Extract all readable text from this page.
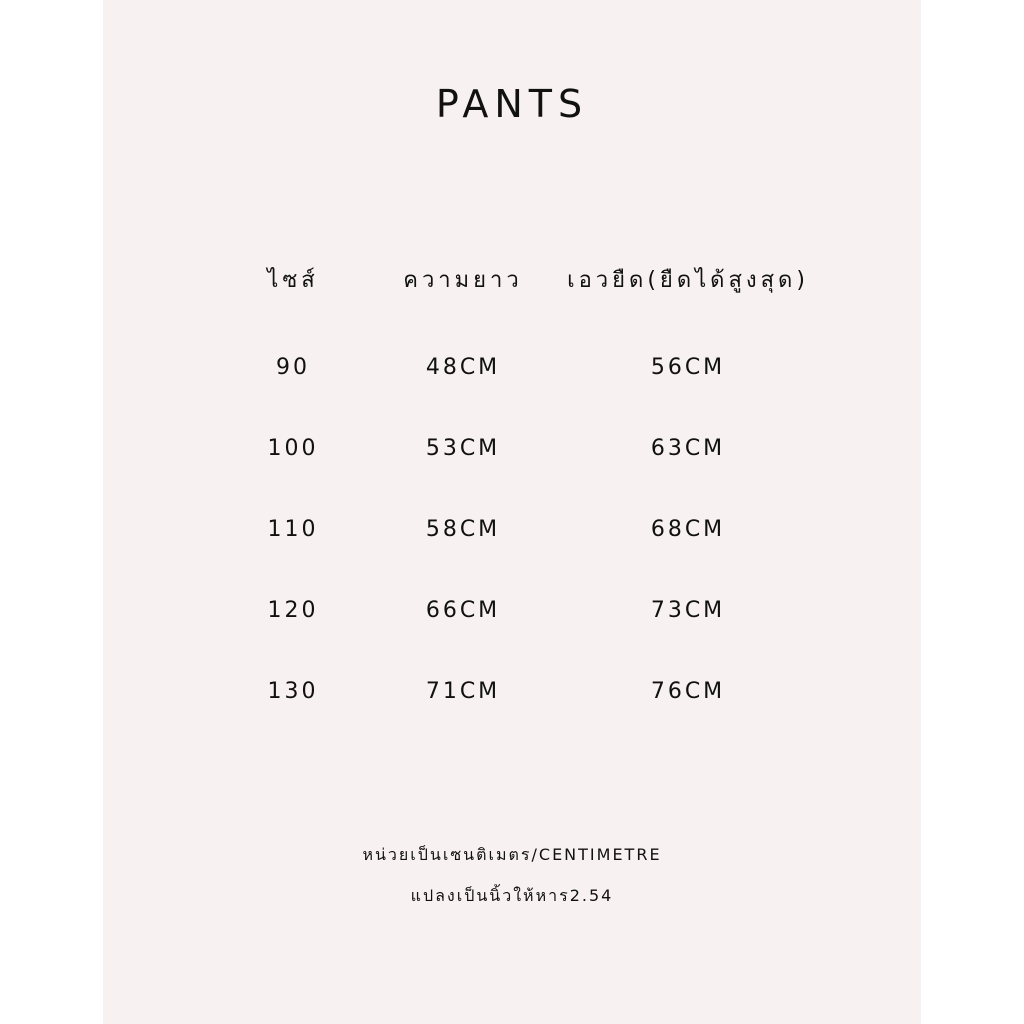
PANTS
ไซส์	ความยาว	เอวยืด(ยืดได้สูงสุด)
90	48CM	56CM
100	53CM	63CM
110	58CM	68CM
120	66CM	73CM
130	71CM	76CM
หน่วยเป็นเซนติเมตร/CENTIMETRE
แปลงเป็นนิ้วให้หาร2.54
